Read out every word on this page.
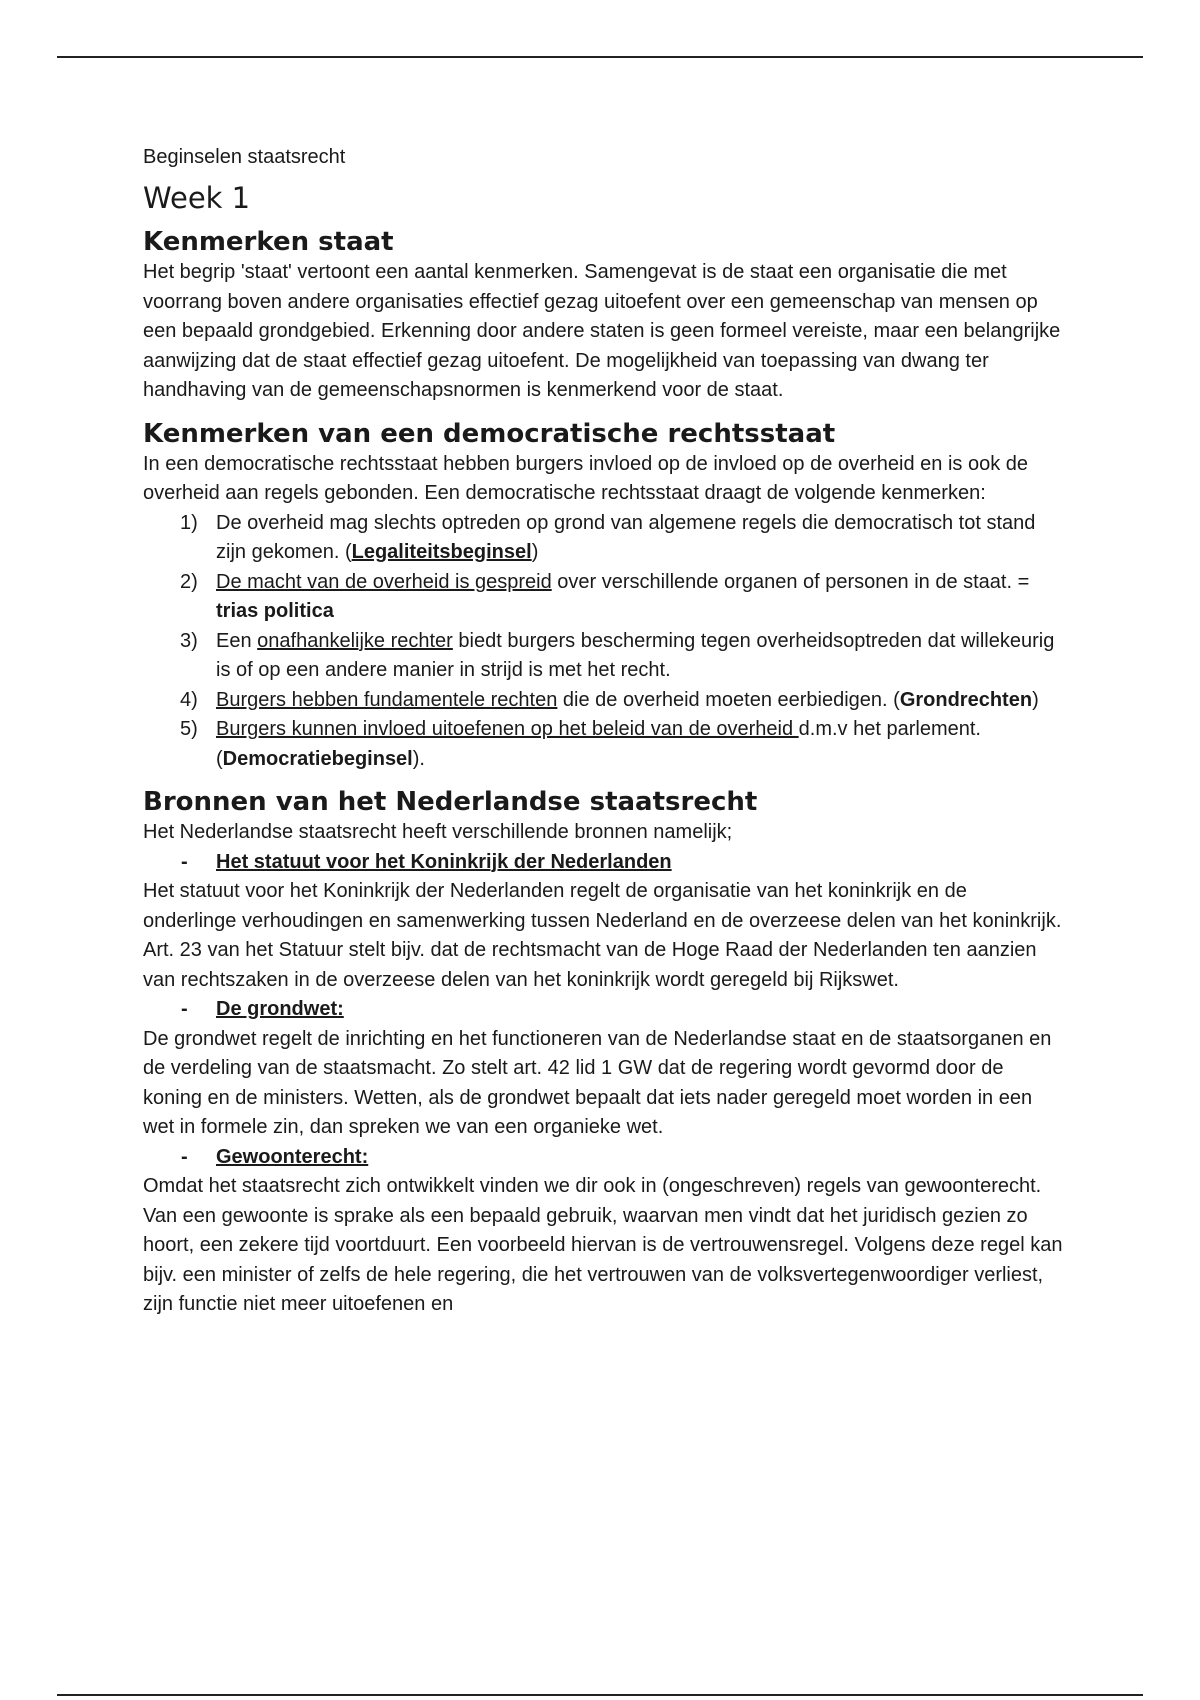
Beginselen staatsrecht
Week 1
Kenmerken staat

Het begrip 'staat' vertoont een aantal kenmerken. Samengevat is de staat een organisatie die met voorrang boven andere organisaties effectief gezag uitoefent over een gemeenschap van mensen op een bepaald grondgebied. Erkenning door andere staten is geen formeel vereiste, maar een belangrijke aanwijzing dat de staat effectief gezag uitoefent. De mogelijkheid van toepassing van dwang ter handhaving van de gemeenschapsnormen is kenmerkend voor de staat.

Kenmerken van een democratische rechtsstaat

In een democratische rechtsstaat hebben burgers invloed op de invloed op de overheid en is ook de overheid aan regels gebonden. Een democratische rechtsstaat draagt de volgende kenmerken:

1) De overheid mag slechts optreden op grond van algemene regels die democratisch tot stand zijn gekomen. (Legaliteitsbeginsel)
2) De macht van de overheid is gespreid over verschillende organen of personen in de staat. = trias politica
3) Een onafhankelijke rechter biedt burgers bescherming tegen overheidsoptreden dat willekeurig is of op een andere manier in strijd is met het recht.
4) Burgers hebben fundamentele rechten die de overheid moeten eerbiedigen. (Grondrechten)
5) Burgers kunnen invloed uitoefenen op het beleid van de overheid d.m.v het parlement. (Democratiebeginsel).
Bronnen van het Nederlandse staatsrecht

Het Nederlandse staatsrecht heeft verschillende bronnen namelijk;

- Het statuut voor het Koninkrijk der Nederlanden

Het statuut voor het Koninkrijk der Nederlanden regelt de organisatie van het koninkrijk en de onderlinge verhoudingen en samenwerking tussen Nederland en de overzeese delen van het koninkrijk. Art. 23 van het Statuur stelt bijv. dat de rechtsmacht van de Hoge Raad der Nederlanden ten aanzien van rechtszaken in de overzeese delen van het koninkrijk wordt geregeld bij Rijkswet.

- De grondwet:

De grondwet regelt de inrichting en het functioneren van de Nederlandse staat en de staatsorganen en de verdeling van de staatsmacht. Zo stelt art. 42 lid 1 GW dat de regering wordt gevormd door de koning en de ministers. Wetten, als de grondwet bepaalt dat iets nader geregeld moet worden in een wet in formele zin, dan spreken we van een organieke wet.

- Gewoonterecht:

Omdat het staatsrecht zich ontwikkelt vinden we dir ook in (ongeschreven) regels van gewoonterecht. Van een gewoonte is sprake als een bepaald gebruik, waarvan men vindt dat het juridisch gezien zo hoort, een zekere tijd voortduurt. Een voorbeeld hiervan is de vertrouwensregel. Volgens deze regel kan bijv. een minister of zelfs de hele regering, die het vertrouwen van de volksvertegenwoordiger verliest, zijn functie niet meer uitoefenen en
